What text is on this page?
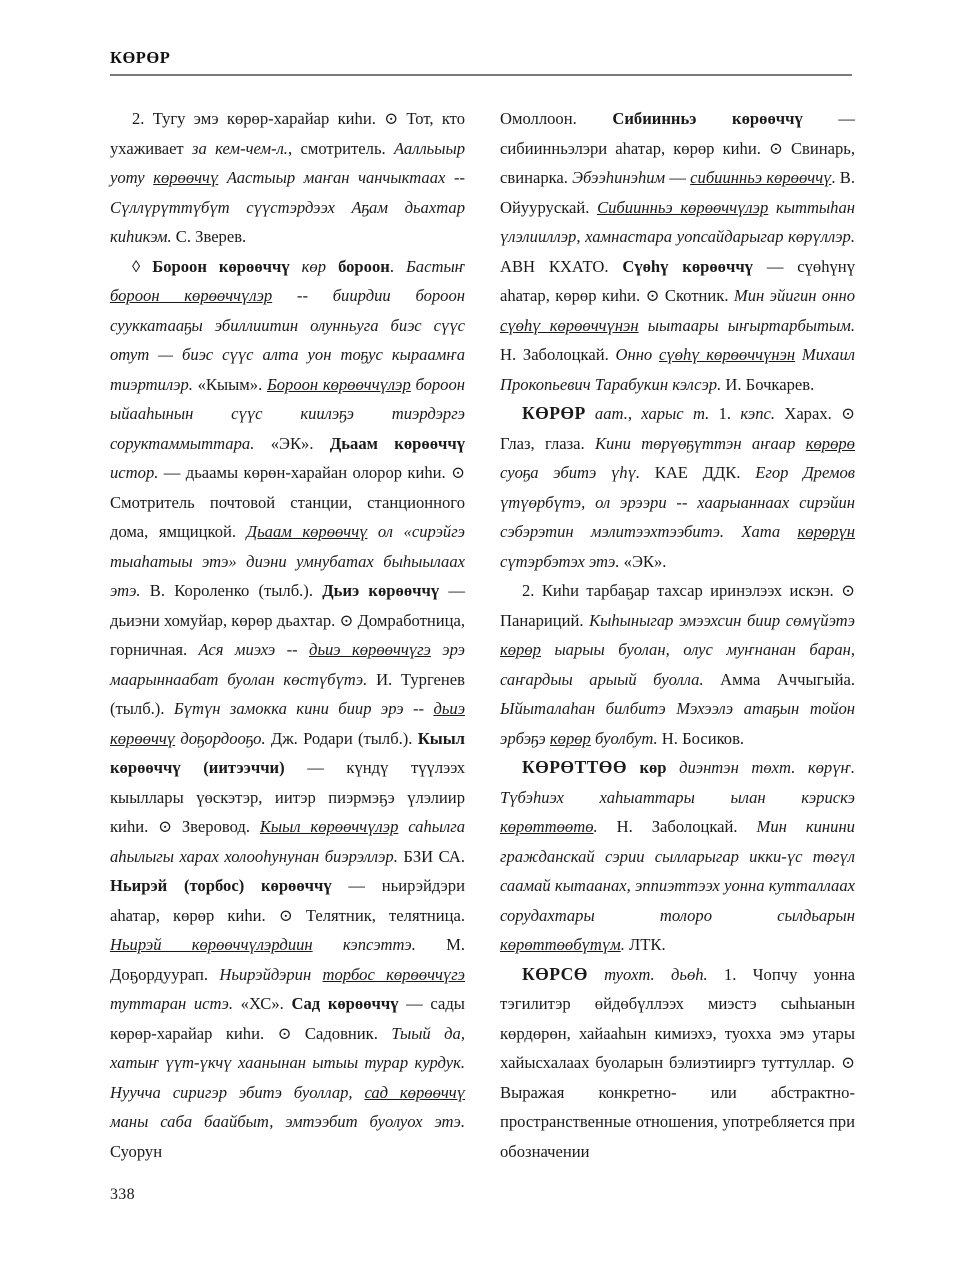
КӨРӨР

2. Тугу эмэ көрөр-харайар киһи. ⊙ Тот, кто ухаживает за кем-чем-л., смотритель. Аалльыыр уоту көрөөччү Аастыыр маҥан чанчыктаах -- Сүллүрүттүбүт сүүстэрдээх Аҕам дьахтар киһикэм. С. Зверев.

◊ Бороон көрөөччү көр бороон. Бастыҥ бороон көрөөччүлэр -- биирдии бороон сууккатааҕы эбиллиитин олунньуга биэс сүүс отут — биэс сүүс алта уон тоҕус кыраамҥа тиэртилэр. «Кыым». Бороон көрөөччүлэр бороон ыйааһынын сүүс киилэҕэ тиэрдэргэ соруктаммыттара. «ЭК». Дьаам көрөөччү истор. — дьаамы көрөн-харайан олорор киһи. ⊙ Смотритель почтовой станции, станционного дома, ямщицкой. Дьаам көрөөччү ол «сирэйгэ тыаһатыы этэ» диэни умнубатах быһыылаах этэ. В. Короленко (тылб.). Дьиэ көрөөччү — дьиэни хомуйар, көрөр дьахтар. ⊙ Домработница, горничная. Ася миэхэ -- дьиэ көрөөччүгэ эрэ маарыннаабат буолан көстүбүтэ. И. Тургенев (тылб.). Бүтүн замокка кини биир эрэ -- дьиэ көрөөччү доҕордооҕо. Дж. Родари (тылб.). Кыыл көрөөччү (иитээччи) — күндү түүлээх кыыллары үөскэтэр, иитэр пиэрмэҕэ үлэлиир киһи. ⊙ Зверовод. Кыыл көрөөччүлэр саһылга аһылыгы харах холооһунунан биэрэллэр. БЗИ СА. Ньирэй (торбос) көрөөччү — ньирэйдэри аһатар, көрөр киһи. ⊙ Телятник, телятница. Ньирэй көрөөччүлэрдиин кэпсэттэ. М. Доҕордуурап. Ньирэйдэрин торбос көрөөччүгэ туттаран истэ. «ХС». Сад көрөөччү — сады көрөр-харайар киһи. ⊙ Садовник. Тыый да, хатыҥ үүт-үкчү хаанынан ытыы турар курдук. Нуучча сиригэр эбитэ буоллар, сад көрөөччү маны саба баайбыт, эмтээбит буолуох этэ. Суорун

Омоллоон. Сибиинньэ көрөөччү — сибиинньэлэри аһатар, көрөр киһи. ⊙ Свинарь, свинарка. Эбээһинэһим — сибиинньэ көрөөччү. В. Ойуурускай. Сибиинньэ көрөөччүлэр кыттыһан үлэлииллэр, хамнастара уопсайдарыгар көрүллэр. АВН КХАТО. Сүөһү көрөөччү — сүөһүнү аһатар, көрөр киһи. ⊙ Скотник. Мин эйигин онно сүөһү көрөөччүнэн ыытаары ыҥыртарбытым. Н. Заболоцкай. Онно сүөһү көрөөччүнэн Михаил Прокопьевич Тарабукин кэлсэр. И. Бочкарев.

КӨРӨР аат., харыс т. 1. кэпс. Харах. ⊙ Глаз, глаза. Кини төрүөҕүттэн аҥаар көрөрө суоҕа эбитэ үһү. КАЕ ДДК. Егор Дремов үтүөрбүтэ, ол эрээри -- хаарыаннаах сирэйин сэбэрэтин мэлитээхтээбитэ. Хата көрөрүн сүтэрбэтэх этэ. «ЭК».

2. Киһи тарбаҕар тахсар иринэлээх искэн. ⊙ Панариций. Кыһыныгар эмээхсин биир сөмүйэтэ көрөр ыарыы буолан, олус муҥнанан баран, саҥардыы арыый буолла. Амма Аччыгыйа. Ыйыталаһан билбитэ Мэхээлэ атаҕын тойон эрбэҕэ көрөр буолбут. Н. Босиков.

КӨРӨТТӨӨ көр диэнтэн төхт. көрүҥ. Түбэһиэх хаһыаттары ылан кэрискэ көрөттөөтө. Н. Заболоцкай. Мин кинини гражданскай сэрии сылларыгар икки-үс төгүл саамай кытаанах, эппиэттээх уонна кутталлаах сорудахтары толоро сылдьарын көрөттөөбүтүм. ЛТК.

КӨРСӨ туохт. дьөһ. 1. Чопчу уонна тэгилитэр өйдөбүллээх миэстэ сыһыанын көрдөрөн, хайааһын кимиэхэ, туохха эмэ утары хайысхалаах буоларын бэлиэтииргэ туттуллар. ⊙ Выражая конкретно- или абстрактно-пространственные отношения, употребляется при обозначении

338
